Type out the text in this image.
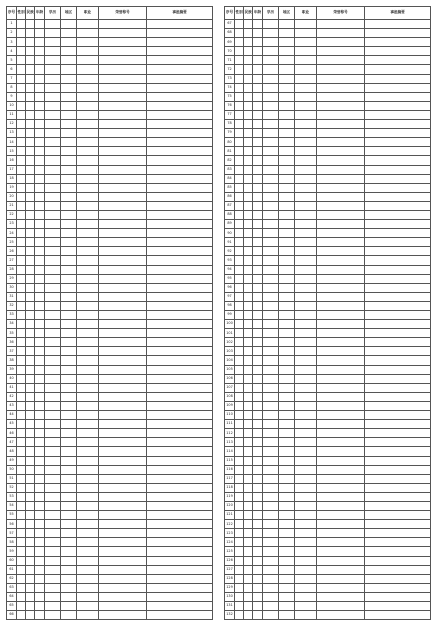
序号	性别	民族	年龄	学历	地区	职业	荣誉称号	事迹摘要
1								
2								
3								
4								
5								
6								
7								
8								
9								
10								
11								
12								
13								
14								
15								
16								
17								
18								
19								
20								
21								
22								
23								
24								
25								
26								
27								
28								
29								
30								
31								
32								
33								
34								
35								
36								
37								
38								
39								
40								
41								
42								
43								
44								
45								
46								
47								
48								
49								
50								
51								
52								
53								
54								
55								
56								
57								
58								
59								
60								
61								
62								
63								
64								
65								
66								
序号	性别	民族	年龄	学历	地区	职业	荣誉称号	事迹摘要
67								
68								
69								
70								
71								
72								
73								
74								
75								
76								
77								
78								
79								
80								
81								
82								
83								
84								
85								
86								
87								
88								
89								
90								
91								
92								
93								
94								
95								
96								
97								
98								
99								
100								
101								
102								
103								
104								
105								
106								
107								
108								
109								
110								
111								
112								
113								
114								
115								
116								
117								
118								
119								
120								
121								
122								
123								
124								
125								
126								
127								
128								
129								
130								
131								
132								
